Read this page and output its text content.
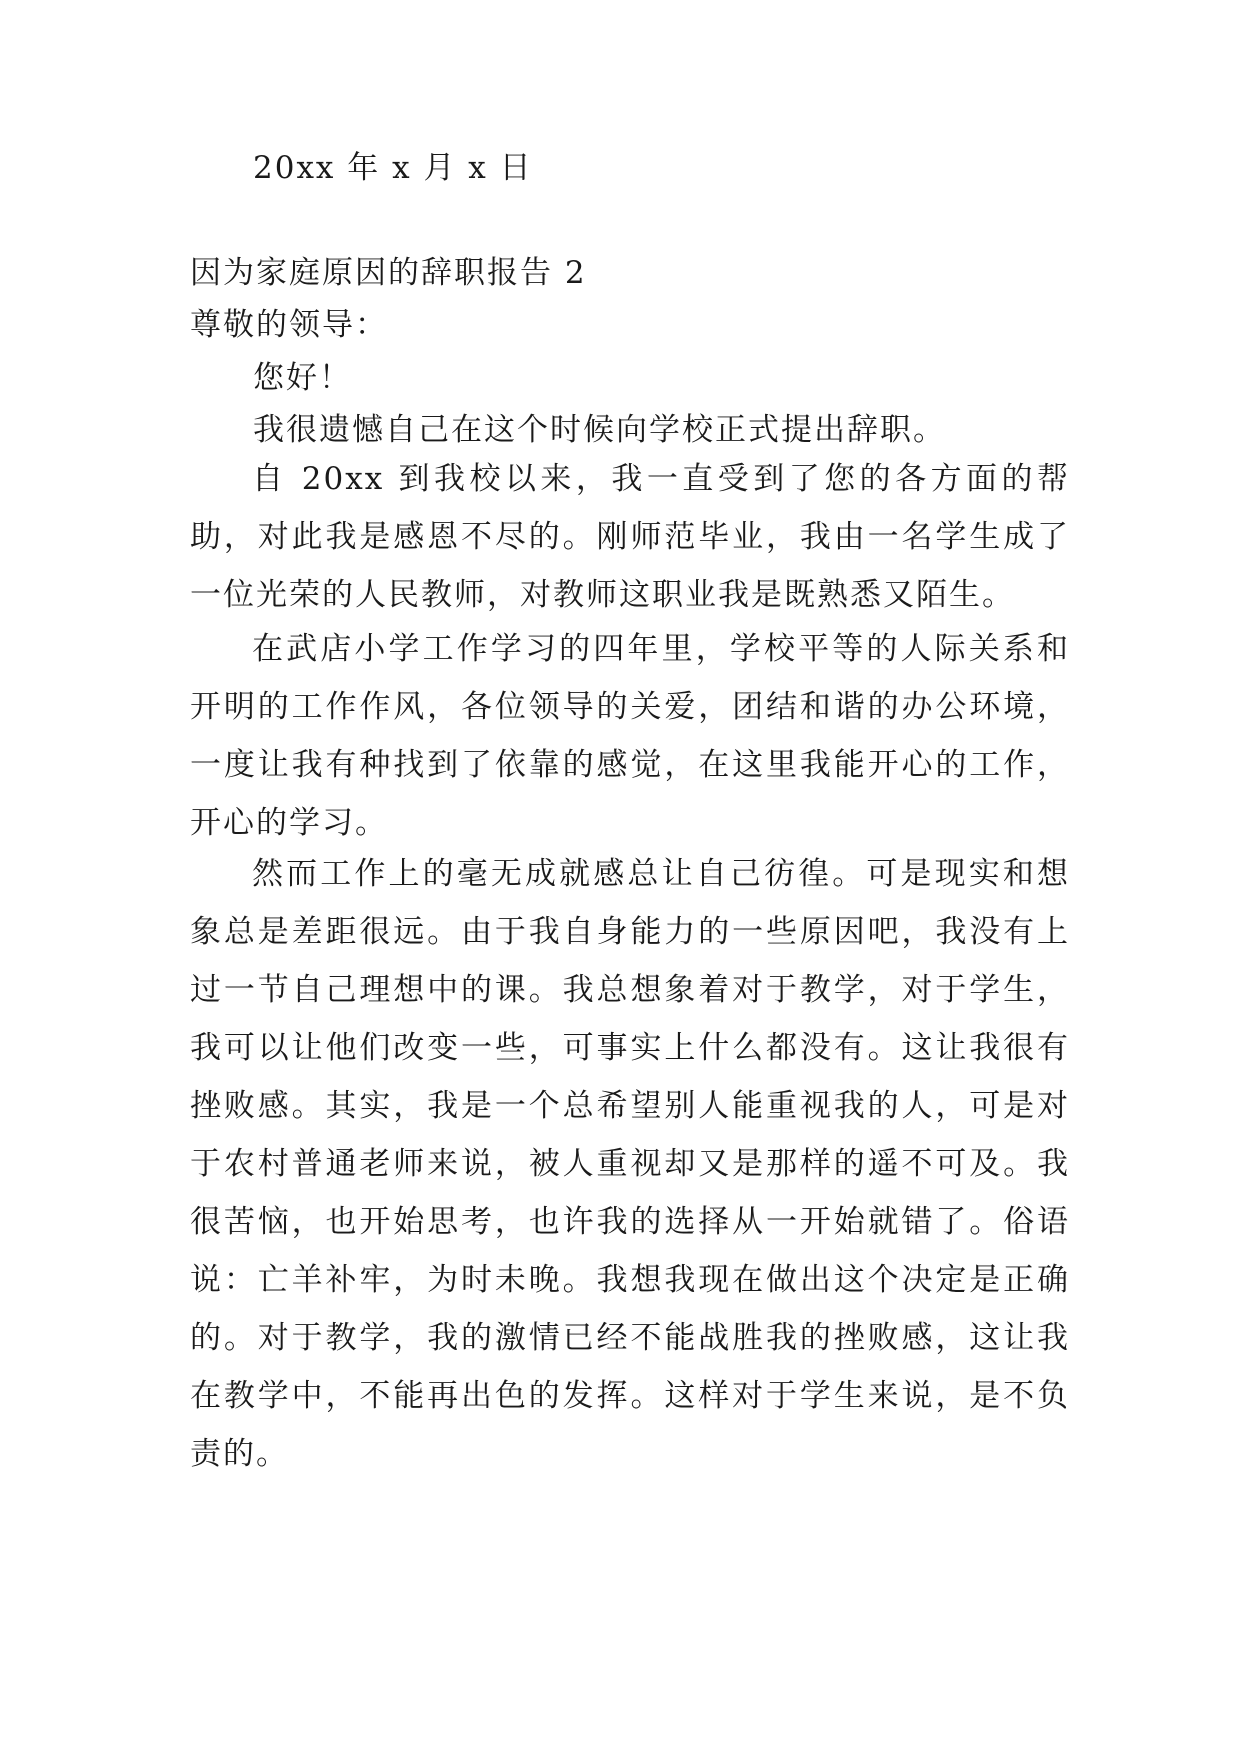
20xx 年 x 月 x 日
因为家庭原因的辞职报告 2
尊敬的领导：
您好！
我很遗憾自己在这个时候向学校正式提出辞职。

自 20xx 到我校以来，我一直受到了您的各方面的帮助，对此我是感恩不尽的。刚师范毕业，我由一名学生成了一位光荣的人民教师，对教师这职业我是既熟悉又陌生。

在武店小学工作学习的四年里，学校平等的人际关系和开明的工作作风，各位领导的关爱，团结和谐的办公环境，一度让我有种找到了依靠的感觉，在这里我能开心的工作，开心的学习。

然而工作上的毫无成就感总让自己彷徨。可是现实和想象总是差距很远。由于我自身能力的一些原因吧，我没有上过一节自己理想中的课。我总想象着对于教学，对于学生，我可以让他们改变一些，可事实上什么都没有。这让我很有挫败感。其实，我是一个总希望别人能重视我的人，可是对于农村普通老师来说，被人重视却又是那样的遥不可及。我很苦恼，也开始思考，也许我的选择从一开始就错了。俗语说：亡羊补牢，为时未晚。我想我现在做出这个决定是正确的。对于教学，我的激情已经不能战胜我的挫败感，这让我在教学中，不能再出色的发挥。这样对于学生来说，是不负责的。
